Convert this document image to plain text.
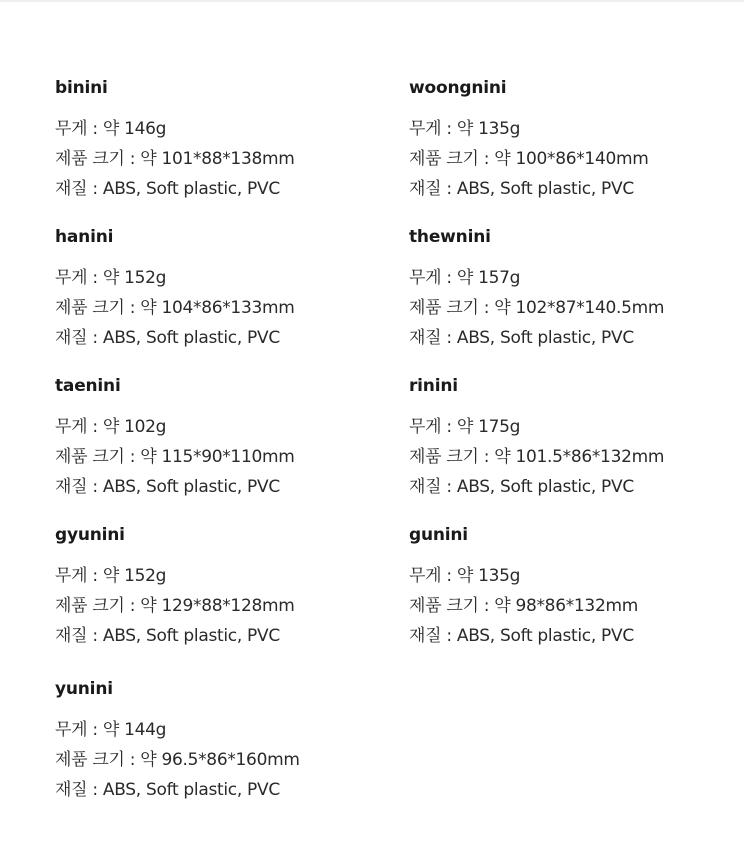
binini
무게 : 약 146g
제품 크기 : 약 101*88*138mm
재질 : ABS, Soft plastic, PVC
woongnini
무게 : 약 135g
제품 크기 : 약 100*86*140mm
재질 : ABS, Soft plastic, PVC
hanini
무게 : 약 152g
제품 크기 : 약 104*86*133mm
재질 : ABS, Soft plastic, PVC
thewnini
무게 : 약 157g
제품 크기 : 약 102*87*140.5mm
재질 : ABS, Soft plastic, PVC
taenini
무게 : 약 102g
제품 크기 : 약 115*90*110mm
재질 : ABS, Soft plastic, PVC
rinini
무게 : 약 175g
제품 크기 : 약 101.5*86*132mm
재질 : ABS, Soft plastic, PVC
gyunini
무게 : 약 152g
제품 크기 : 약 129*88*128mm
재질 : ABS, Soft plastic, PVC
gunini
무게 : 약 135g
제품 크기 : 약 98*86*132mm
재질 : ABS, Soft plastic, PVC
yunini
무게 : 약 144g
제품 크기 : 약 96.5*86*160mm
재질 : ABS, Soft plastic, PVC
